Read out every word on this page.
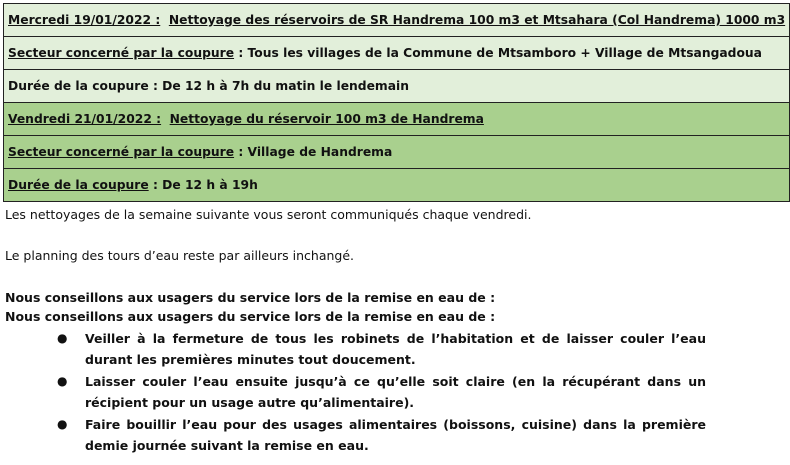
Mercredi 19/01/2022 : Nettoyage des réservoirs de SR Handrema 100 m3 et Mtsahara (Col Handrema) 1000 m3
Secteur concerné par la coupure : Tous les villages de la Commune de Mtsamboro + Village de Mtsangadoua
Durée de la coupure : De 12 h à 7h du matin le lendemain
Vendredi 21/01/2022 : Nettoyage du réservoir 100 m3 de Handrema
Secteur concerné par la coupure : Village de Handrema
Durée de la coupure : De 12 h à 19h

Les nettoyages de la semaine suivante vous seront communiqués chaque vendredi.

Le planning des tours d’eau reste par ailleurs inchangé.

Nous conseillons aux usagers du service lors de la remise en eau de :

Nous conseillons aux usagers du service lors de la remise en eau de :

● Veiller à la fermeture de tous les robinets de l’habitation et de laisser couler l’eau durant les premières minutes tout doucement.
● Laisser couler l’eau ensuite jusqu’à ce qu’elle soit claire (en la récupérant dans un récipient pour un usage autre qu’alimentaire).
● Faire bouillir l’eau pour des usages alimentaires (boissons, cuisine) dans la première demie journée suivant la remise en eau.
